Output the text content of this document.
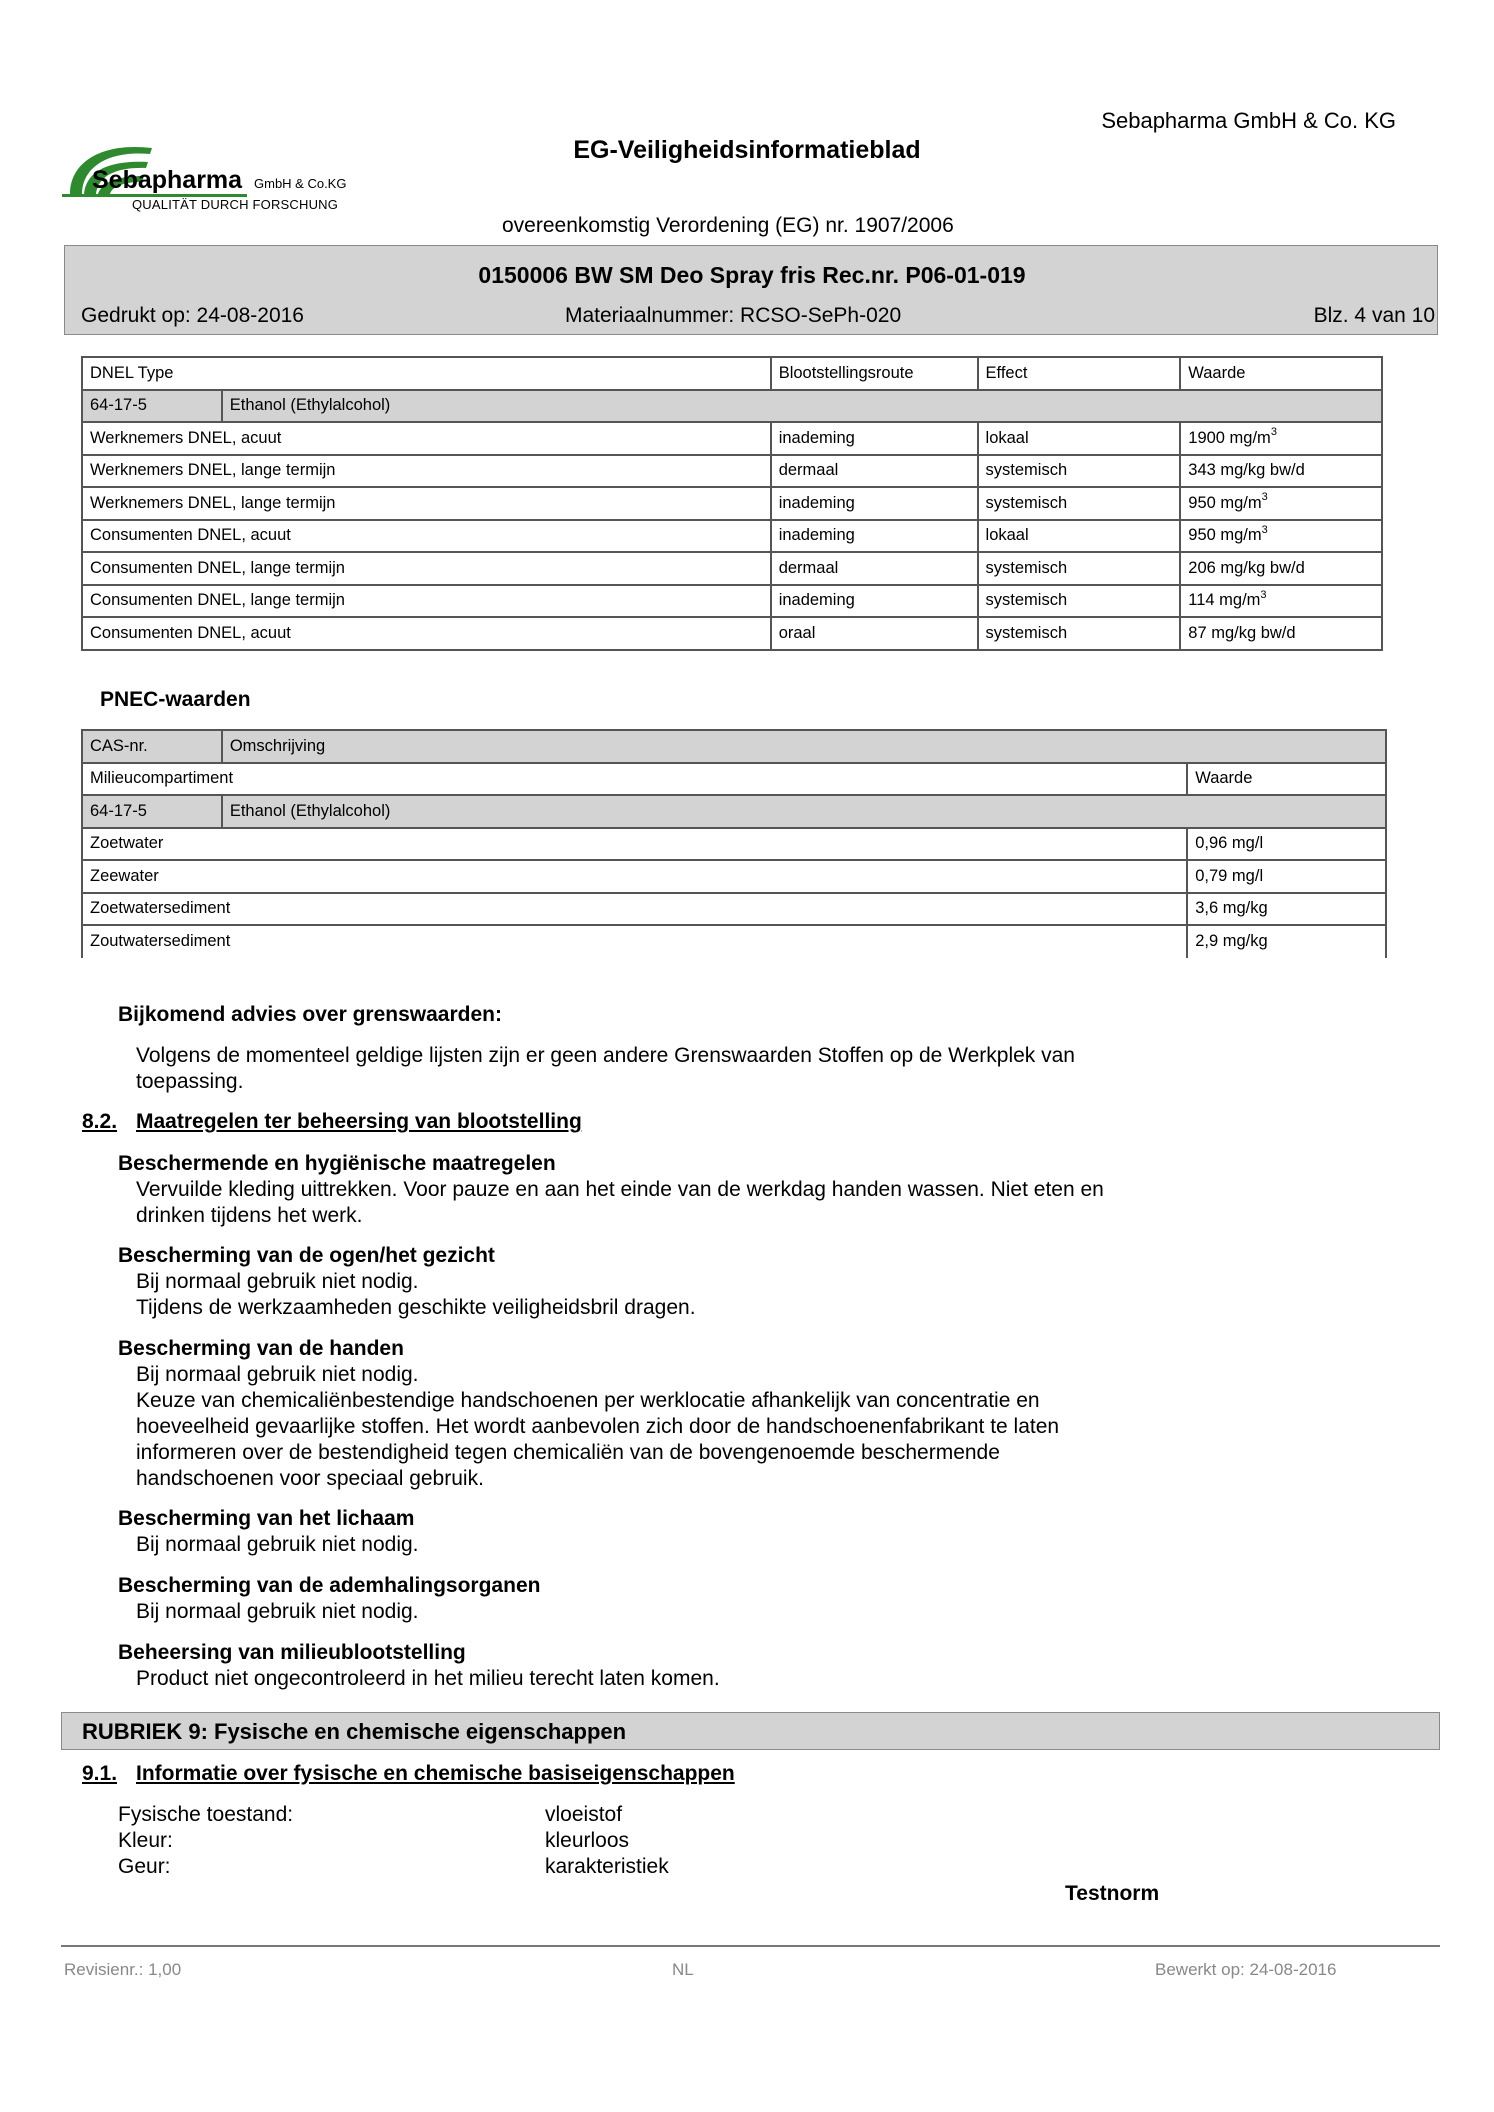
Sebapharma GmbH & Co. KG
Sebapharma GmbH & Co.KG
QUALITÄT DURCH FORSCHUNG
EG-Veiligheidsinformatieblad
overeenkomstig Verordening (EG) nr. 1907/2006
0150006 BW SM Deo Spray fris Rec.nr. P06-01-019
Gedrukt op: 24-08-2016	Materiaalnummer: RCSO-SePh-020	Blz. 4 van 10
DNEL Type		Blootstellingsroute	Effect	Waarde
64-17-5	Ethanol (Ethylalcohol)			
Werknemers DNEL, acuut		inademing	lokaal	1900 $mg/m^3$
Werknemers DNEL, lange termijn		dermaal	systemisch	343 mg/kg bw/d
Werknemers DNEL, lange termijn		inademing	systemisch	950 $mg/m^3$
Consumenten DNEL, acuut		inademing	lokaal	950 $mg/m^3$
Consumenten DNEL, lange termijn		dermaal	systemisch	206 mg/kg bw/d
Consumenten DNEL, lange termijn		inademing	systemisch	114 $mg/m^3$
Consumenten DNEL, acuut		oraal	systemisch	87 mg/kg bw/d
PNEC-waarden
CAS-nr.	Omschrijving	
Milieucompartiment		Waarde
64-17-5	Ethanol (Ethylalcohol)	
Zoetwater		0,96 mg/l
Zeewater		0,79 mg/l
Zoetwatersediment		3,6 mg/kg
Zoutwatersediment		2,9 mg/kg
Bijkomend advies over grenswaarden:
Volgens de momenteel geldige lijsten zijn er geen andere Grenswaarden Stoffen op de Werkplek van
toepassing.
8.2. Maatregelen ter beheersing van blootstelling
Beschermende en hygiënische maatregelen
Vervuilde kleding uittrekken. Voor pauze en aan het einde van de werkdag handen wassen. Niet eten en
drinken tijdens het werk.
Bescherming van de ogen/het gezicht
Bij normaal gebruik niet nodig.
Tijdens de werkzaamheden geschikte veiligheidsbril dragen.
Bescherming van de handen
Bij normaal gebruik niet nodig.
Keuze van chemicaliënbestendige handschoenen per werklocatie afhankelijk van concentratie en
hoeveelheid gevaarlijke stoffen. Het wordt aanbevolen zich door de handschoenenfabrikant te laten
informeren over de bestendigheid tegen chemicaliën van de bovengenoemde beschermende
handschoenen voor speciaal gebruik.
Bescherming van het lichaam
Bij normaal gebruik niet nodig.
Bescherming van de ademhalingsorganen
Bij normaal gebruik niet nodig.
Beheersing van milieublootstelling
Product niet ongecontroleerd in het milieu terecht laten komen.
RUBRIEK 9: Fysische en chemische eigenschappen
9.1. Informatie over fysische en chemische basiseigenschappen
Fysische toestand:	vloeistof
Kleur:	kleurloos
Geur:	karakteristiek
Testnorm
Revisienr.: 1,00	NL	Bewerkt op: 24-08-2016
